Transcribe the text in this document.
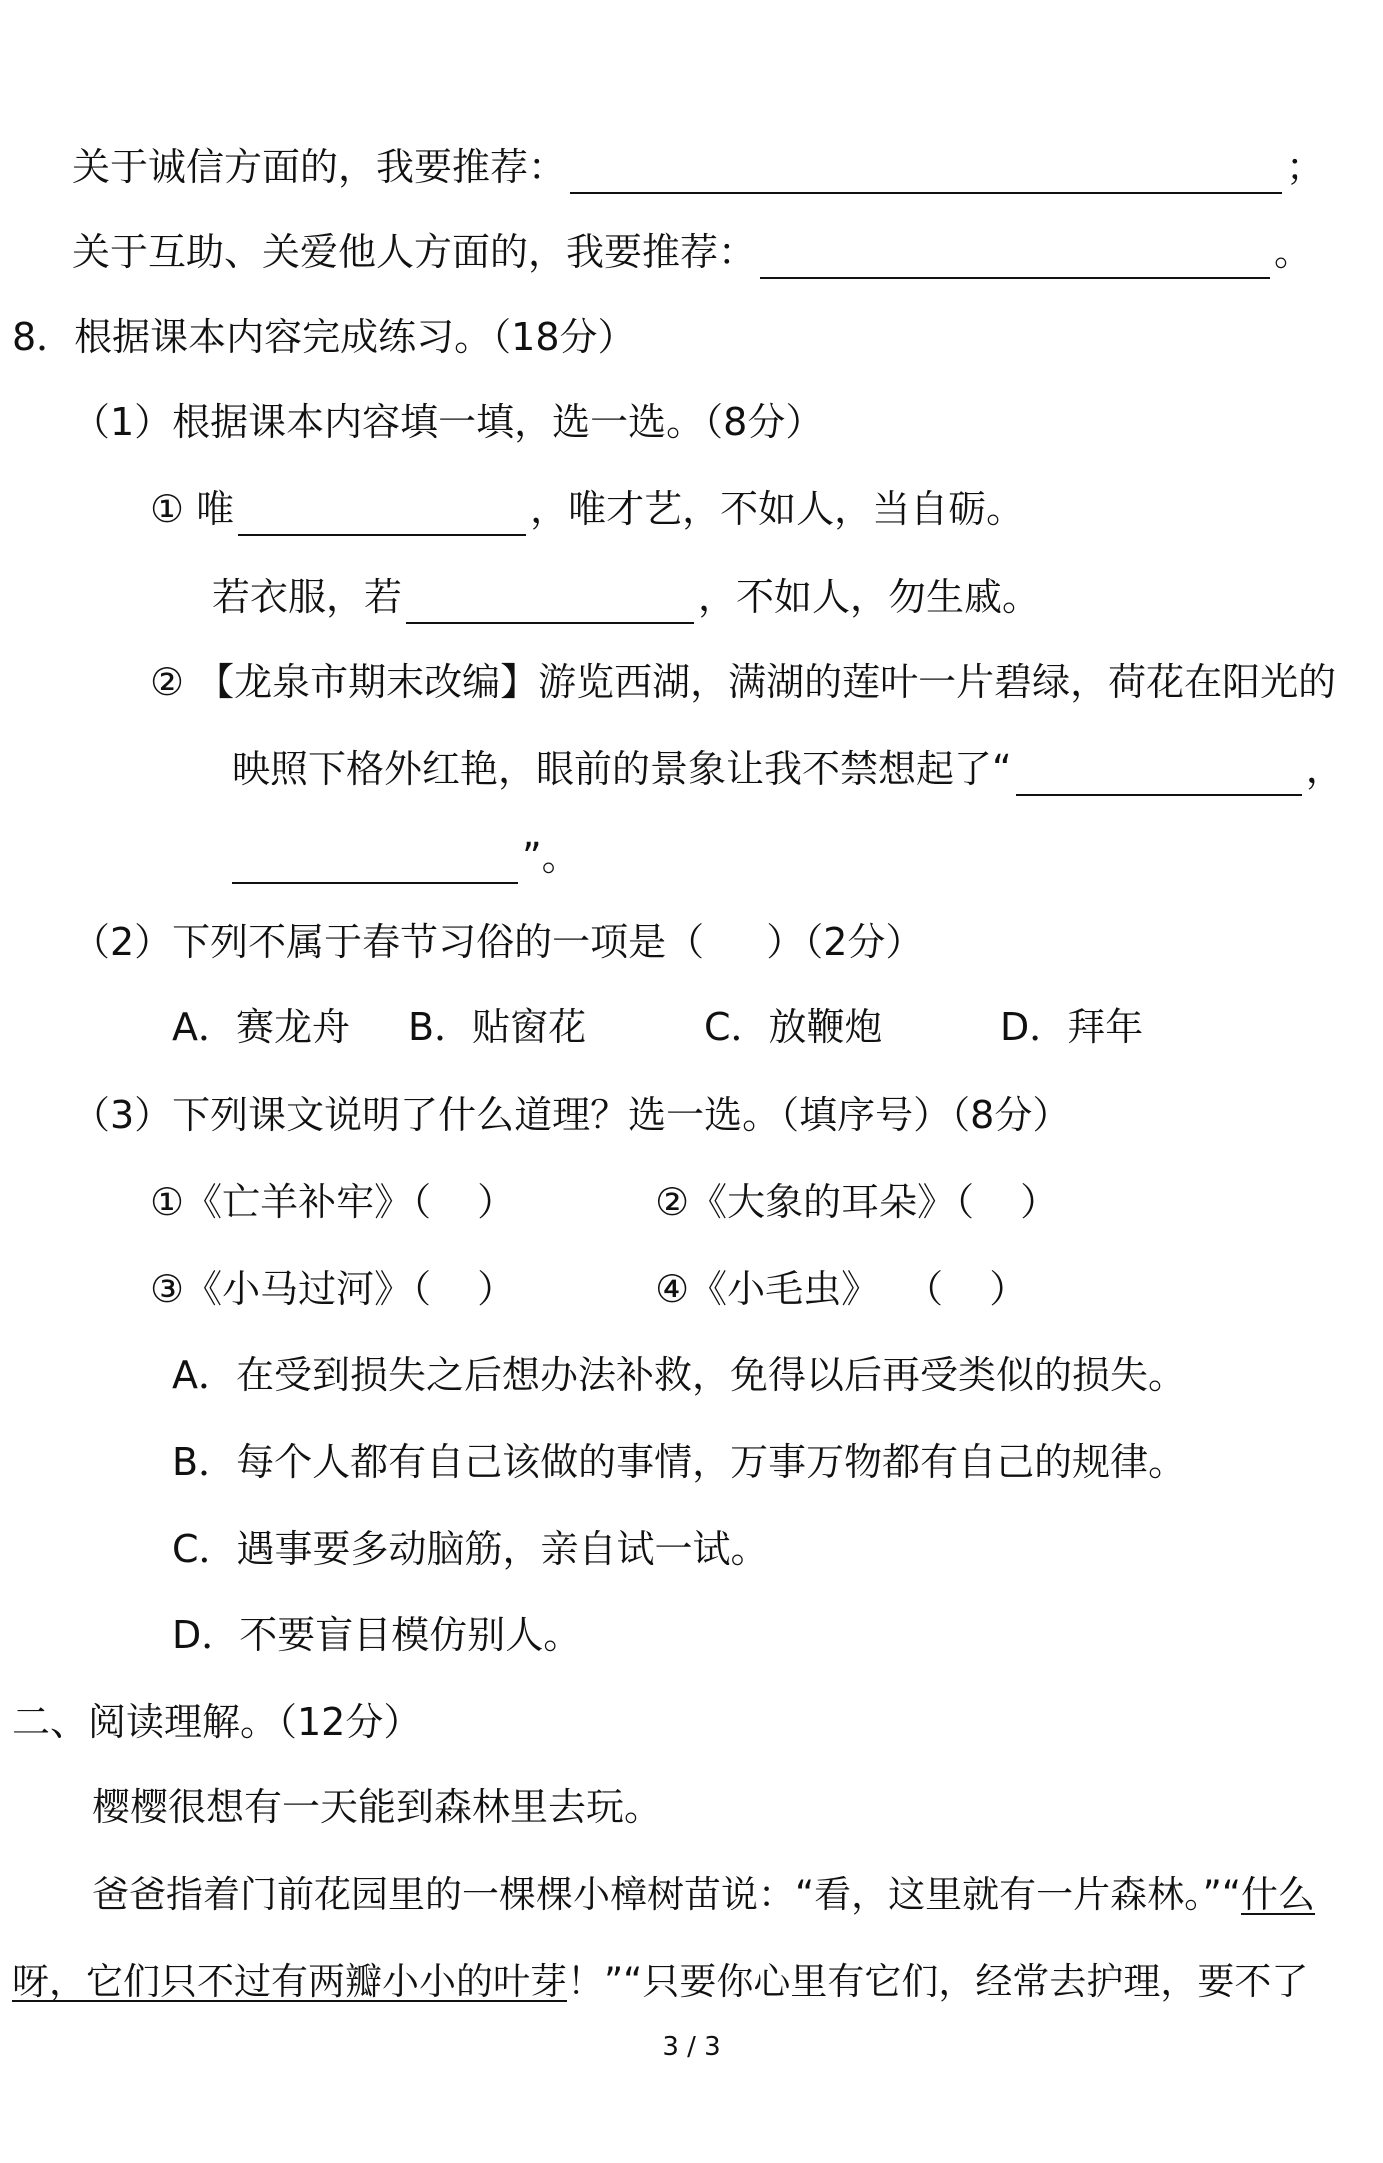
关于诚信方面的，我要推荐：	；
关于互助、关爱他人方面的，我要推荐：	。
8．根据课本内容完成练习。（18分）
（1）根据课本内容填一填，选一选。（8分）
① 唯	，唯才艺，不如人，当自砺。
若衣服，若	，不如人，勿生戚。
② 【龙泉市期末改编】游览西湖，满湖的莲叶一片碧绿，荷花在阳光的
映照下格外红艳，眼前的景象让我不禁想起了“	，
”。
（2）下列不属于春节习俗的一项是（ ）（2分）
A．赛龙舟	B．贴窗花	C．放鞭炮	D．拜年
（3）下列课文说明了什么道理？选一选。（填序号）（8分）
①《亡羊补牢》（ ）	②《大象的耳朵》（ ）
③《小马过河》（ ）	④《小毛虫》 （ ）
A．在受到损失之后想办法补救，免得以后再受类似的损失。
B．每个人都有自己该做的事情，万事万物都有自己的规律。
C．遇事要多动脑筋，亲自试一试。
D．不要盲目模仿别人。
二、阅读理解。（12分）
樱樱很想有一天能到森林里去玩。
爸爸指着门前花园里的一棵棵小樟树苗说：“看，这里就有一片森林。”“ 什么
呀，它们只不过有两瓣小小的叶芽 ！”“只要你心里有它们，经常去护理，要不了
3 / 3
